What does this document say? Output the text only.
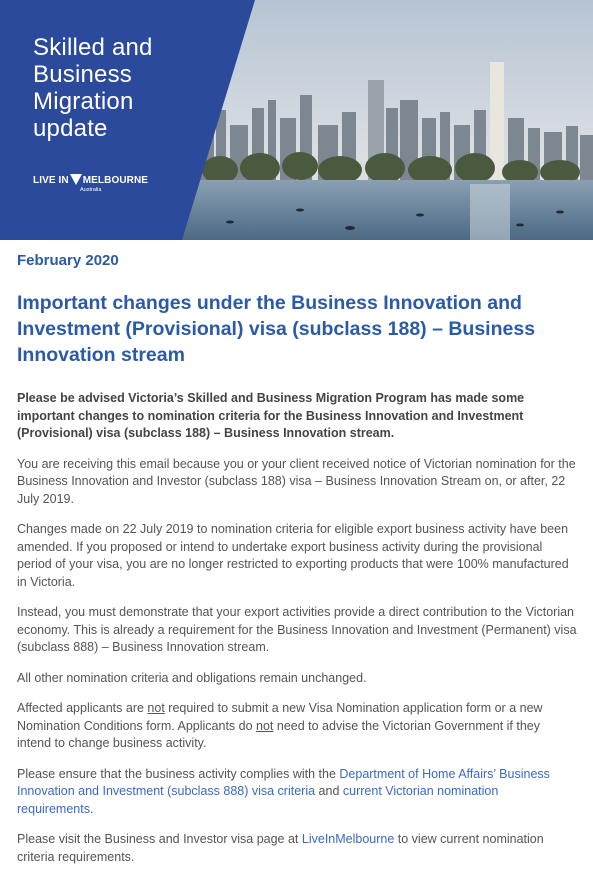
Skilled and
Business
Migration
update
LIVE IN MELBOURNE
Australia
February 2020
Important changes under the Business Innovation and Investment (Provisional) visa (subclass 188) – Business Innovation stream

Please be advised Victoria’s Skilled and Business Migration Program has made some important changes to nomination criteria for the Business Innovation and Investment (Provisional) visa (subclass 188) – Business Innovation stream.

You are receiving this email because you or your client received notice of Victorian nomination for the Business Innovation and Investor (subclass 188) visa – Business Innovation Stream on, or after, 22 July 2019.

Changes made on 22 July 2019 to nomination criteria for eligible export business activity have been amended. If you proposed or intend to undertake export business activity during the provisional period of your visa, you are no longer restricted to exporting products that were 100% manufactured in Victoria.

Instead, you must demonstrate that your export activities provide a direct contribution to the Victorian economy. This is already a requirement for the Business Innovation and Investment (Permanent) visa (subclass 888) – Business Innovation stream.

All other nomination criteria and obligations remain unchanged.

Affected applicants are not required to submit a new Visa Nomination application form or a new Nomination Conditions form. Applicants do not need to advise the Victorian Government if they intend to change business activity.

Please ensure that the business activity complies with the Department of Home Affairs’ Business Innovation and Investment (subclass 888) visa criteria and current Victorian nomination requirements.

Please visit the Business and Investor visa page at LiveInMelbourne to view current nomination criteria requirements.
